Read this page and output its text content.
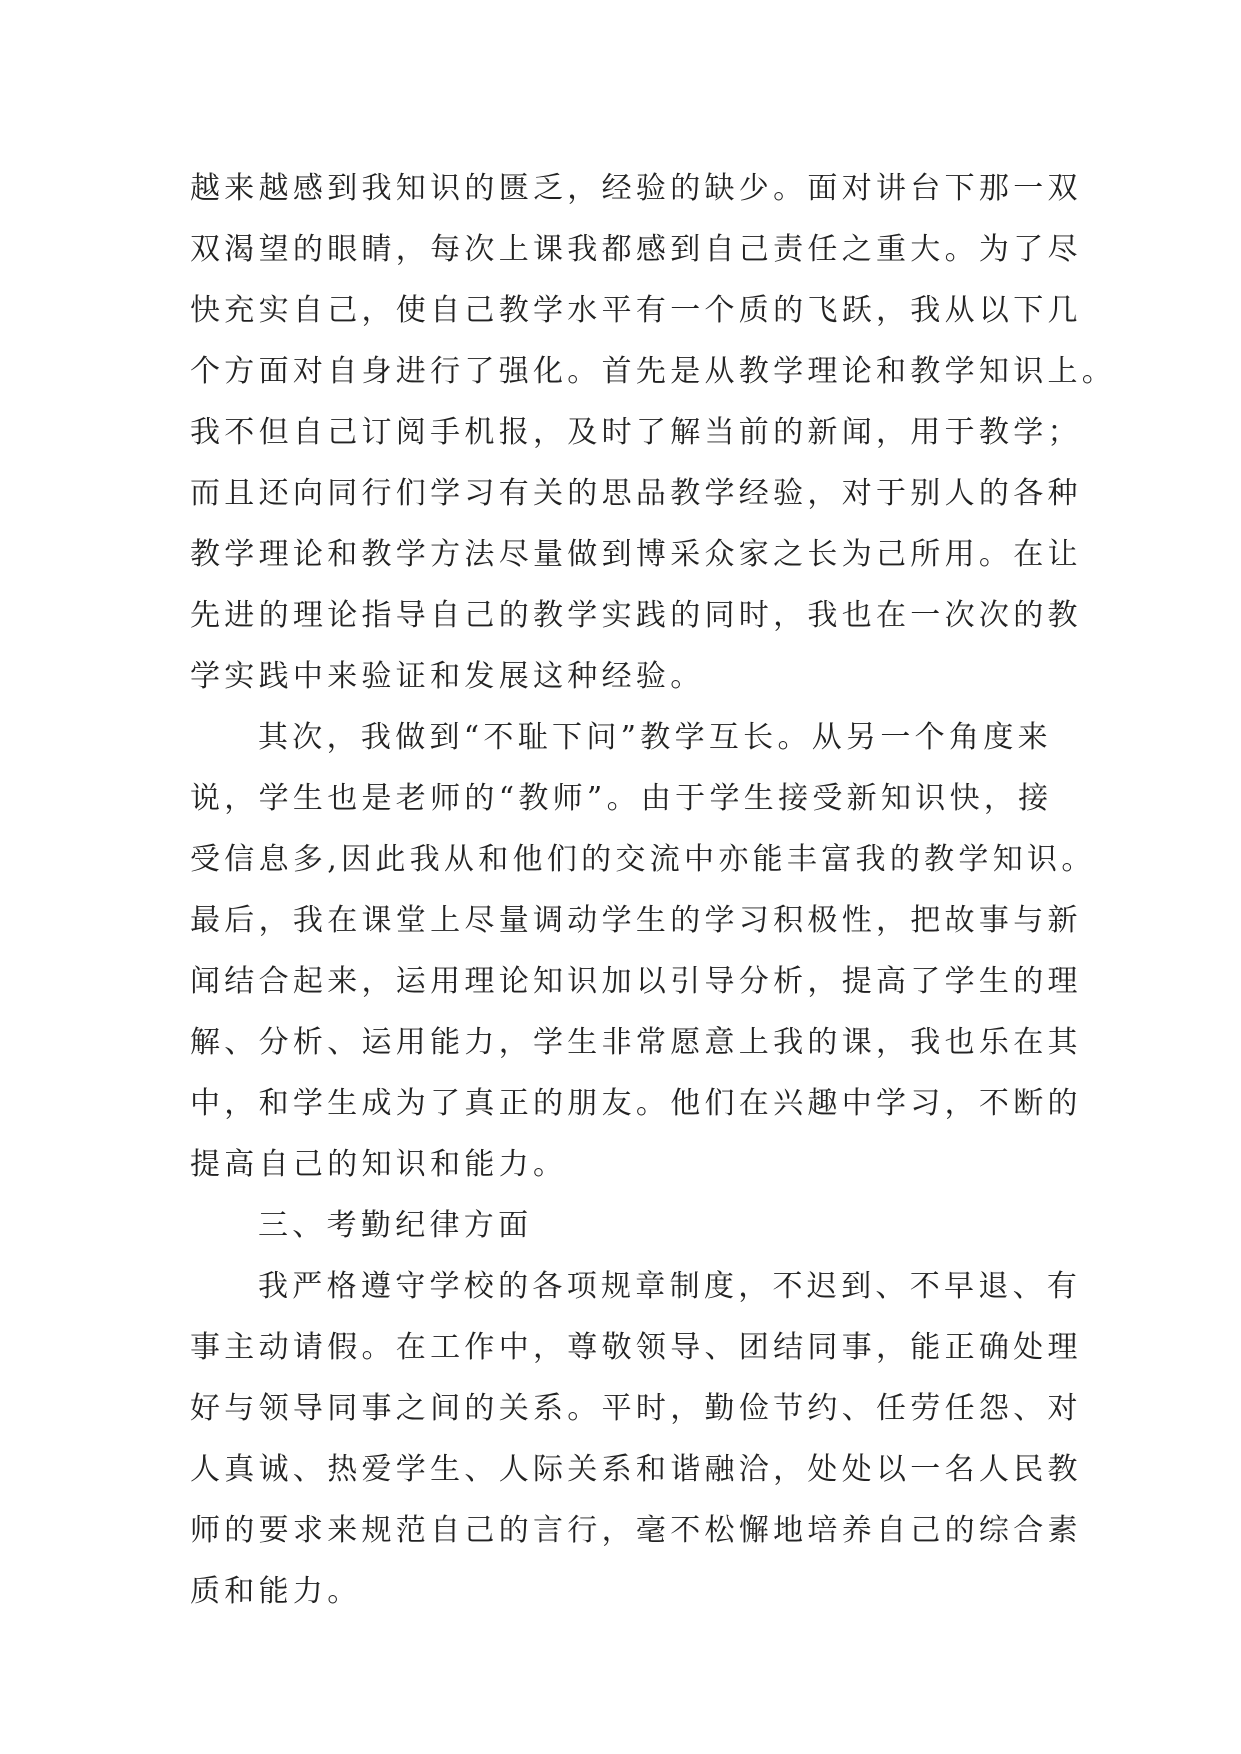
越来越感到我知识的匮乏，经验的缺少。面对讲台下那一双
双渴望的眼睛，每次上课我都感到自己责任之重大。为了尽
快充实自己，使自己教学水平有一个质的飞跃，我从以下几
个方面对自身进行了强化。首先是从教学理论和教学知识上。
我不但自己订阅手机报，及时了解当前的新闻，用于教学；
而且还向同行们学习有关的思品教学经验，对于别人的各种
教学理论和教学方法尽量做到博采众家之长为己所用。在让
先进的理论指导自己的教学实践的同时，我也在一次次的教
学实践中来验证和发展这种经验。
其次，我做到“不耻下问”教学互长。从另一个角度来
说，学生也是老师的“教师”。由于学生接受新知识快，接
受信息多,因此我从和他们的交流中亦能丰富我的教学知识。
最后，我在课堂上尽量调动学生的学习积极性，把故事与新
闻结合起来，运用理论知识加以引导分析，提高了学生的理
解、分析、运用能力，学生非常愿意上我的课，我也乐在其
中，和学生成为了真正的朋友。他们在兴趣中学习，不断的
提高自己的知识和能力。
三、考勤纪律方面
我严格遵守学校的各项规章制度，不迟到、不早退、有
事主动请假。在工作中，尊敬领导、团结同事，能正确处理
好与领导同事之间的关系。平时，勤俭节约、任劳任怨、对
人真诚、热爱学生、人际关系和谐融洽，处处以一名人民教
师的要求来规范自己的言行，毫不松懈地培养自己的综合素
质和能力。
